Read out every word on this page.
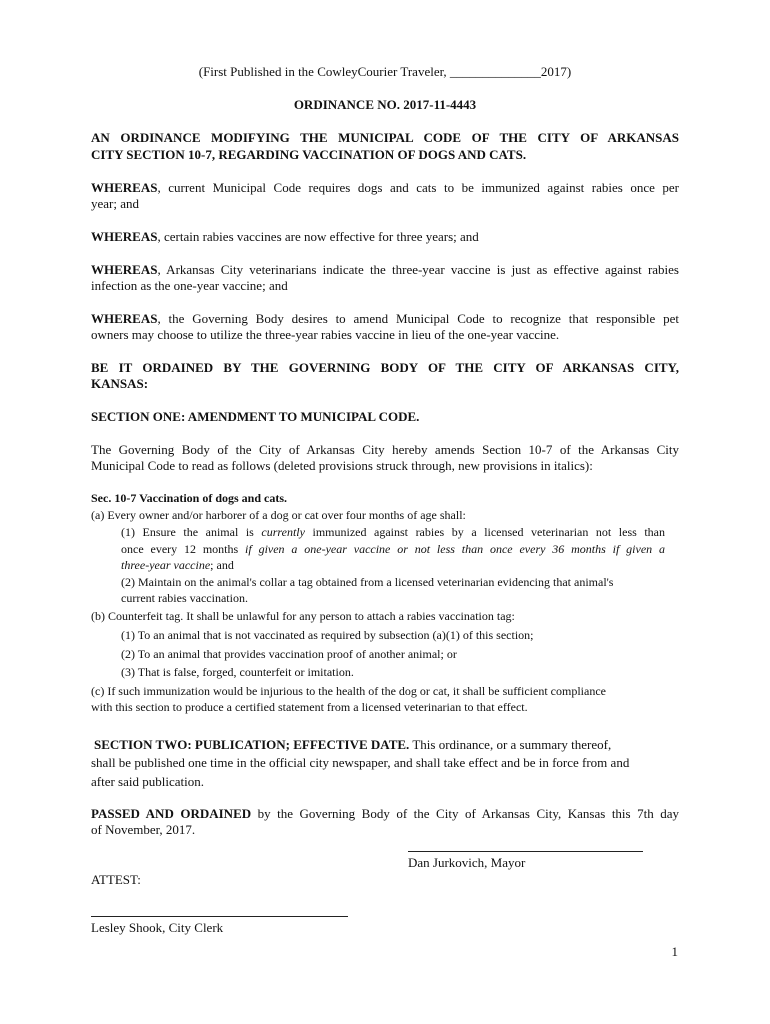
(First Published in the CowleyCourier Traveler, ______________2017)
ORDINANCE NO. 2017-11-4443
AN ORDINANCE MODIFYING THE MUNICIPAL CODE OF THE CITY OF ARKANSAS
CITY SECTION 10-7, REGARDING VACCINATION OF DOGS AND CATS.
WHEREAS, current Municipal Code requires dogs and cats to be immunized against rabies once per
year; and
WHEREAS, certain rabies vaccines are now effective for three years; and
WHEREAS, Arkansas City veterinarians indicate the three-year vaccine is just as effective against rabies
infection as the one-year vaccine; and
WHEREAS, the Governing Body desires to amend Municipal Code to recognize that responsible pet
owners may choose to utilize the three-year rabies vaccine in lieu of the one-year vaccine.
BE IT ORDAINED BY THE GOVERNING BODY OF THE CITY OF ARKANSAS CITY,
KANSAS:
SECTION ONE: AMENDMENT TO MUNICIPAL CODE.
The Governing Body of the City of Arkansas City hereby amends Section 10-7 of the Arkansas City
Municipal Code to read as follows (deleted provisions struck through, new provisions in italics):
Sec. 10-7 Vaccination of dogs and cats.
(a) Every owner and/or harborer of a dog or cat over four months of age shall:
(1) Ensure the animal is currently immunized against rabies by a licensed veterinarian not less than
once every 12 months if given a one-year vaccine or not less than once every 36 months if given a
three-year vaccine; and
(2) Maintain on the animal's collar a tag obtained from a licensed veterinarian evidencing that animal's
current rabies vaccination.
(b) Counterfeit tag. It shall be unlawful for any person to attach a rabies vaccination tag:
(1) To an animal that is not vaccinated as required by subsection (a)(1) of this section;
(2) To an animal that provides vaccination proof of another animal; or
(3) That is false, forged, counterfeit or imitation.
(c) If such immunization would be injurious to the health of the dog or cat, it shall be sufficient compliance
with this section to produce a certified statement from a licensed veterinarian to that effect.
SECTION TWO: PUBLICATION; EFFECTIVE DATE. This ordinance, or a summary thereof,
shall be published one time in the official city newspaper, and shall take effect and be in force from and
after said publication.
PASSED AND ORDAINED by the Governing Body of the City of Arkansas City, Kansas this 7th day
of November, 2017.
Dan Jurkovich, Mayor
ATTEST:
Lesley Shook, City Clerk
1
